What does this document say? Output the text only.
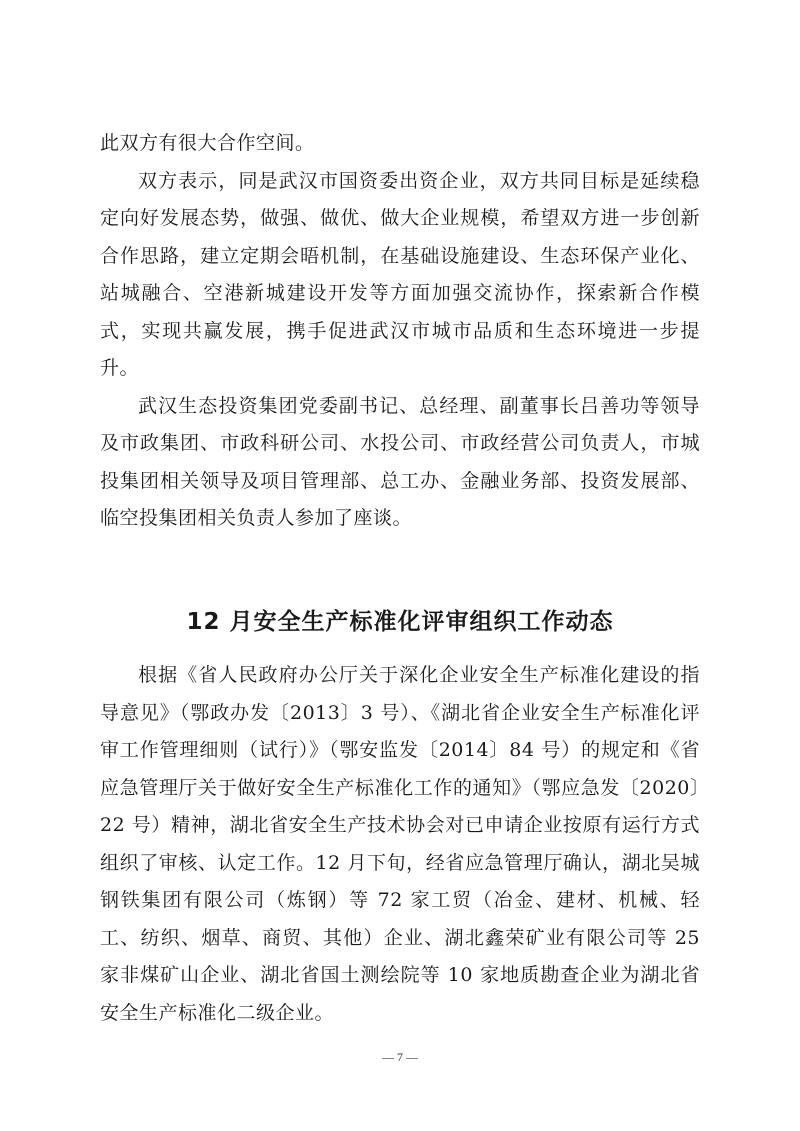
此双方有很大合作空间。

双方表示，同是武汉市国资委出资企业，双方共同目标是延续稳定向好发展态势，做强、做优、做大企业规模，希望双方进一步创新合作思路，建立定期会晤机制，在基础设施建设、生态环保产业化、站城融合、空港新城建设开发等方面加强交流协作，探索新合作模式，实现共赢发展，携手促进武汉市城市品质和生态环境进一步提升。

武汉生态投资集团党委副书记、总经理、副董事长吕善功等领导及市政集团、市政科研公司、水投公司、市政经营公司负责人，市城投集团相关领导及项目管理部、总工办、金融业务部、投资发展部、临空投集团相关负责人参加了座谈。

12 月安全生产标准化评审组织工作动态

根据《省人民政府办公厅关于深化企业安全生产标准化建设的指导意见》（鄂政办发〔2013〕3 号）、《湖北省企业安全生产标准化评审工作管理细则（试行）》（鄂安监发〔2014〕84 号）的规定和《省应急管理厅关于做好安全生产标准化工作的通知》（鄂应急发〔2020〕22 号）精神，湖北省安全生产技术协会对已申请企业按原有运行方式组织了审核、认定工作。12 月下旬，经省应急管理厅确认，湖北吴城钢铁集团有限公司（炼钢）等 72 家工贸（冶金、建材、机械、轻工、纺织、烟草、商贸、其他）企业、湖北鑫荣矿业有限公司等 25 家非煤矿山企业、湖北省国土测绘院等 10 家地质勘查企业为湖北省安全生产标准化二级企业。

— 7 —
